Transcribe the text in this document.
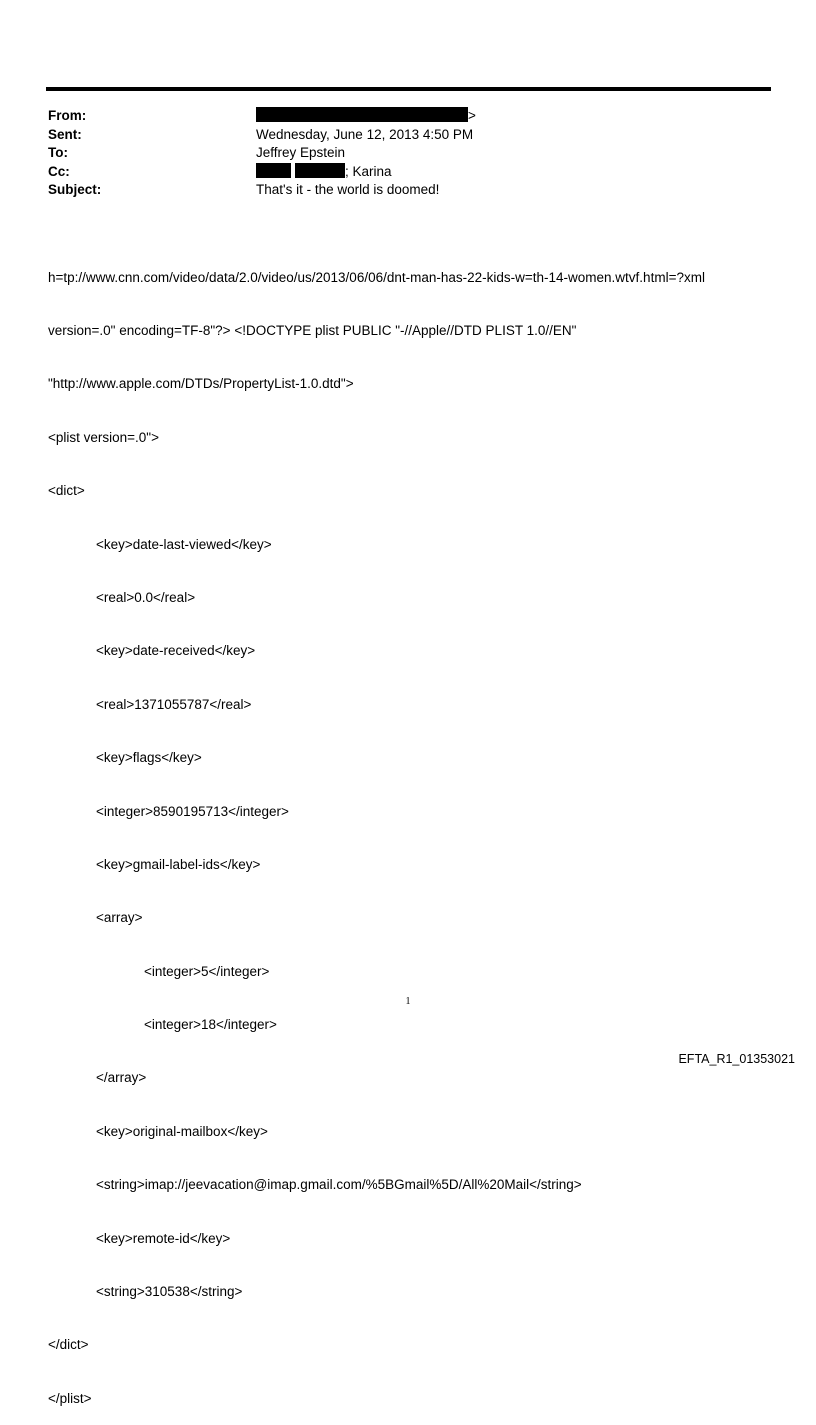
From:	>
Sent:	Wednesday, June 12, 2013 4:50 PM
To:	Jeffrey Epstein
Cc:	; Karina
Subject:	That's it - the world is doomed!

h=tp://www.cnn.com/video/data/2.0/video/us/2013/06/06/dnt-man-has-22-kids-w=th-14-women.wtvf.html=?xml

version=.0" encoding=TF-8"?> <!DOCTYPE plist PUBLIC "-//Apple//DTD PLIST 1.0//EN"

"http://www.apple.com/DTDs/PropertyList-1.0.dtd">

<plist version=.0">

<dict>

<key>date-last-viewed</key>

<real>0.0</real>

<key>date-received</key>

<real>1371055787</real>

<key>flags</key>

<integer>8590195713</integer>

<key>gmail-label-ids</key>

<array>

<integer>5</integer>

<integer>18</integer>

</array>

<key>original-mailbox</key>

<string>imap://jeevacation@imap.gmail.com/%5BGmail%5D/All%20Mail</string>

<key>remote-id</key>

<string>310538</string>

</dict>

</plist>

1
EFTA_R1_01353021
